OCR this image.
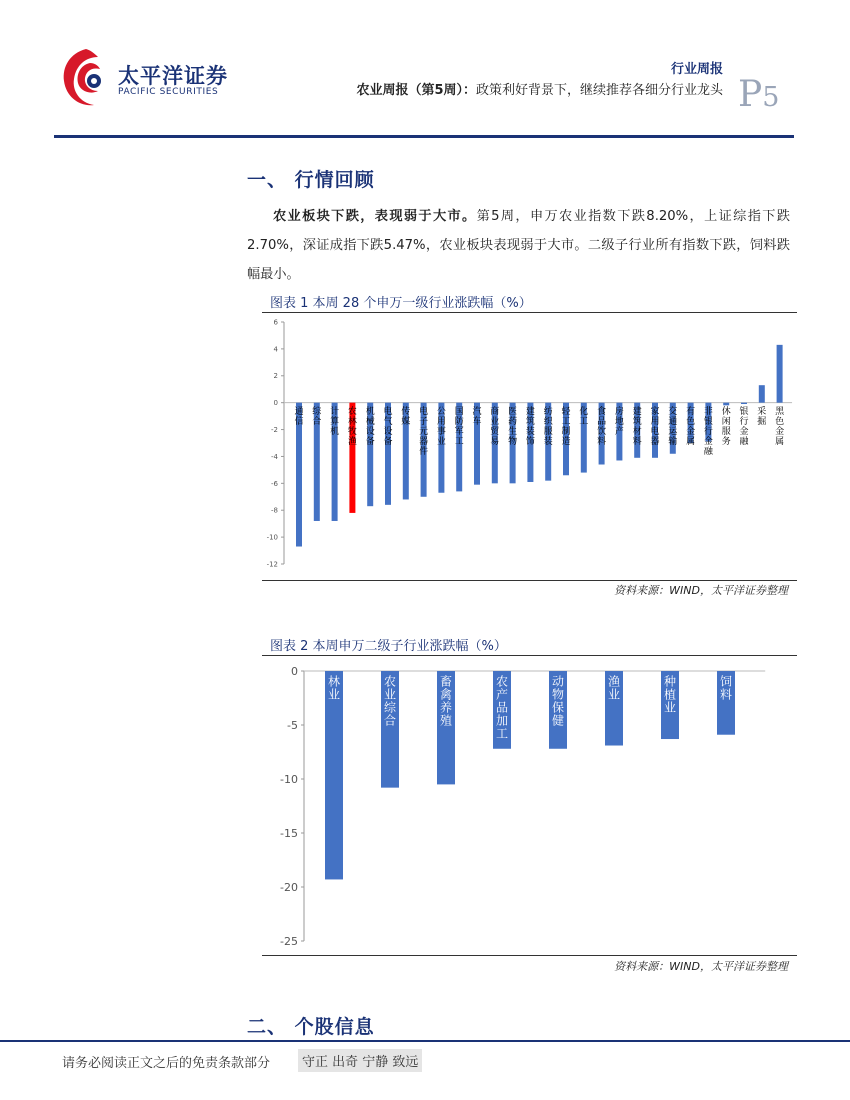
太平洋证券
PACIFIC SECURITIES
行业周报
农业周报（第5周）：政策利好背景下，继续推荐各细分行业龙头 P5
一、 行情回顾
农业板块下跌，表现弱于大市。第5周，申万农业指数下跌8.20%，上证综指下跌2.70%，深证成指下跌5.47%，农业板块表现弱于大市。二级子行业所有指数下跌，饲料跌幅最小。
图表 1 本周 28 个申万一级行业涨跌幅（%）
6
4
2
0
-2
-4
-6
-8
-10
-12
通信
综合
计算机
农林牧渔
机械设备
电气设备
传媒
电子元器件
公用事业
国防军工
汽车
商业贸易
医药生物
建筑装饰
纺织服装
轻工制造
化工
食品饮料
房地产
建筑材料
家用电器
交通运输
有色金属
非银行金融
休闲服务
银行金融
采掘
黑色金属
资料来源：WIND，太平洋证券整理
图表 2 本周申万二级子行业涨跌幅（%）
0
-5
-10
-15
-20
-25
林业
农业综合
畜禽养殖
农产品加工
动物保健
渔业
种植业
饲料
资料来源：WIND，太平洋证券整理
二、 个股信息
请务必阅读正文之后的免责条款部分	守正 出奇 宁静 致远
